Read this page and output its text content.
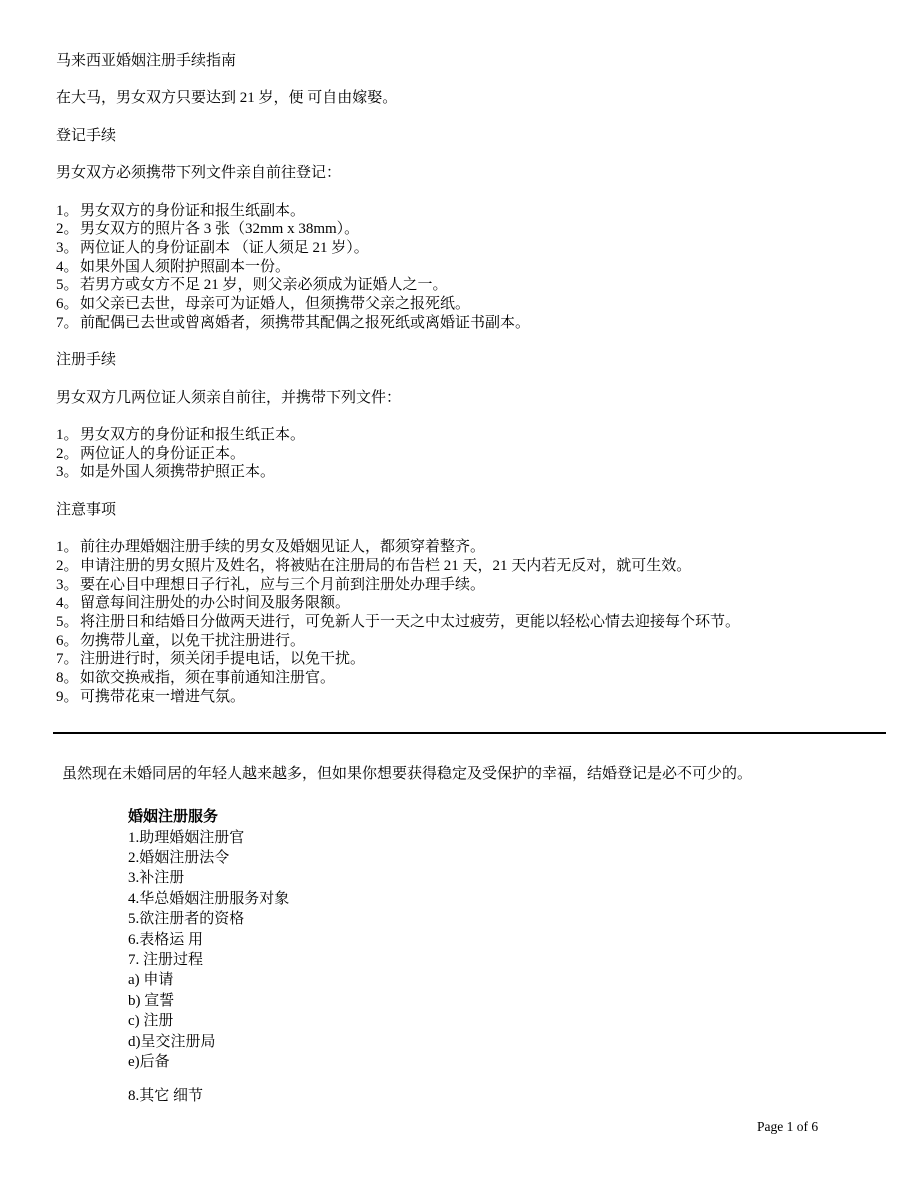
马来西亚婚姻注册手续指南
在大马，男女双方只要达到 21 岁，便 可自由嫁娶。
登记手续
男女双方必须携带下列文件亲自前往登记：
1。 男女双方的身份证和报生纸副本。
2。 男女双方的照片各 3 张（32mm x 38mm）。
3。 两位证人的身份证副本 （证人须足 21 岁）。
4。 如果外国人须附护照副本一份。
5。 若男方或女方不足 21 岁，则父亲必须成为证婚人之一。
6。 如父亲已去世，母亲可为证婚人，但须携带父亲之报死纸。
7。 前配偶已去世或曾离婚者，须携带其配偶之报死纸或离婚证书副本。
注册手续
男女双方几两位证人须亲自前往，并携带下列文件：
1。 男女双方的身份证和报生纸正本。
2。 两位证人的身份证正本。
3。 如是外国人须携带护照正本。
注意事项
1。 前往办理婚姻注册手续的男女及婚姻见证人，都须穿着整齐。
2。 申请注册的男女照片及姓名，将被贴在注册局的布告栏 21 天，21 天内若无反对，就可生效。
3。 要在心目中理想日子行礼，应与三个月前到注册处办理手续。
4。 留意每间注册处的办公时间及服务限额。
5。 将注册日和结婚日分做两天进行，可免新人于一天之中太过疲劳，更能以轻松心情去迎接每个环节。
6。 勿携带儿童，以免干扰注册进行。
7。 注册进行时，须关闭手提电话，以免干扰。
8。 如欲交换戒指，须在事前通知注册官。
9。 可携带花束一增进气氛。
虽然现在未婚同居的年轻人越来越多，但如果你想要获得稳定及受保护的幸福，结婚登记是必不可少的。
婚姻注册服务
1.助理婚姻注册官
2.婚姻注册法令
3.补注册
4.华总婚姻注册服务对象
5.欲注册者的资格
6.表格运 用
7. 注册过程
a) 申请
b) 宣誓
c) 注册
d)呈交注册局
e)后备
8.其它 细节
Page 1 of 6
